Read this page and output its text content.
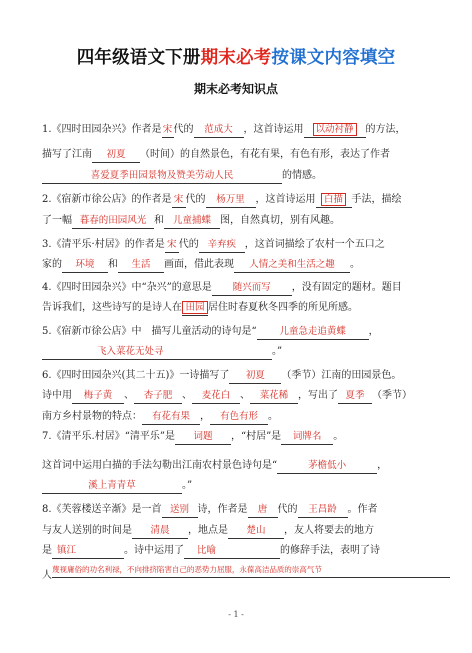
四年级语文下册期末必考按课文内容填空
期末必考知识点
1.《四时田园杂兴》作者是宋代的 范成大 ，这首诗运用 以动衬静 的方法，
描写了江南 初夏 （时间）的自然景色，有花有果，有色有形，表达了作者
喜爱夏季田园景物及赞美劳动人民	的情感。
2.《宿新市徐公店》的作者是 宋 代的 杨万里 ，这首诗运用 白描 手法，描绘
了一幅 暮春的田园风光 和 儿童捕蝶 图，自然真切，别有风趣。
3.《清平乐·村居》的作者是 宋 代的 辛弃疾 ，这首词描绘了农村一个五口之
家的 环境 和 生活 画面，借此表现 人情之美和生活之趣 。
4.《四时田园杂兴》中“杂兴”的意思是 随兴而写 ，没有固定的题材。题目
告诉我们，这些诗写的是诗人在 田园 居住时春夏秋冬四季的所见所感。
5.《宿新市徐公店》中　描写儿童活动的诗句是“ 儿童急走追黄蝶 ，
飞入菜花无处寻	。”
6.《四时田园杂兴(其二十五)》一诗描写了 初夏 （季节）江南的田园景色。
诗中用 梅子黄 、 杏子肥 、 麦花白 、 菜花稀 ，写出了 夏季 （季节）
南方乡村景物的特点： 有花有果 ， 有色有形 。
7.《清平乐.村居》“清平乐”是 词题 ，“村居”是 词牌名 。
这首词中运用白描的手法勾勒出江南农村景色诗句是“	茅檐低小	，
溪上青青草	。”
8.《芙蓉楼送辛渐》是一首 送别 诗，作者是 唐 代的 王昌龄 。作者
与友人送别的时间是 清晨 ，地点是 楚山 ，友人将要去的地方
是 镇江	。诗中运用了 比喻	的修辞手法，表明了诗
人蔑视庸俗的功名利禄，不向排挤陷害自己的恶势力屈服，永葆高洁品质的崇高气节
- 1 -
